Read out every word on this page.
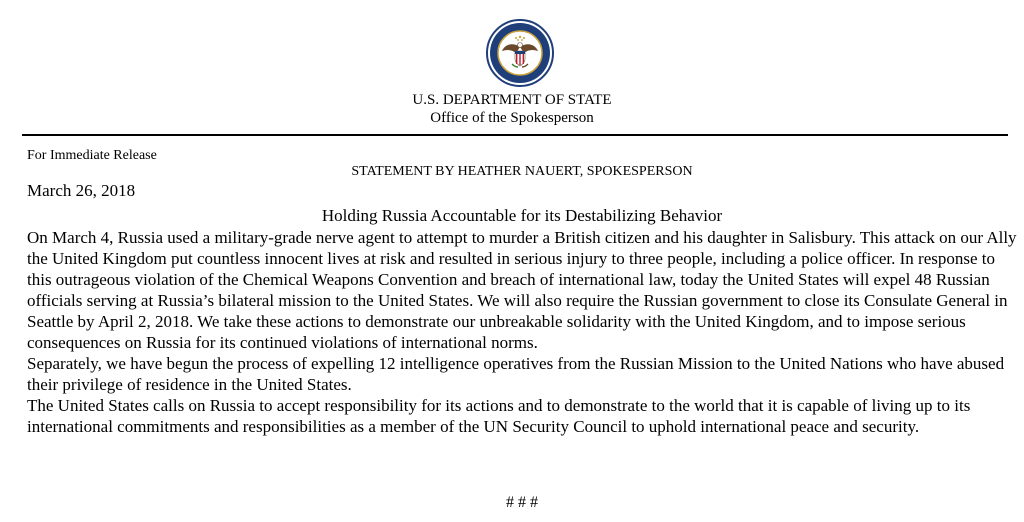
U.S. DEPARTMENT OF STATE
Office of the Spokesperson
For Immediate Release
STATEMENT BY HEATHER NAUERT, SPOKESPERSON
March 26, 2018
Holding Russia Accountable for its Destabilizing Behavior

On March 4, Russia used a military-grade nerve agent to attempt to murder a British citizen and his daughter in Salisbury. This attack on our Ally the United Kingdom put countless innocent lives at risk and resulted in serious injury to three people, including a police officer. In response to this outrageous violation of the Chemical Weapons Convention and breach of international law, today the United States will expel 48 Russian officials serving at Russia’s bilateral mission to the United States. We will also require the Russian government to close its Consulate General in Seattle by April 2, 2018. We take these actions to demonstrate our unbreakable solidarity with the United Kingdom, and to impose serious consequences on Russia for its continued violations of international norms.

Separately, we have begun the process of expelling 12 intelligence operatives from the Russian Mission to the United Nations who have abused their privilege of residence in the United States.

The United States calls on Russia to accept responsibility for its actions and to demonstrate to the world that it is capable of living up to its international commitments and responsibilities as a member of the UN Security Council to uphold international peace and security.

# # #
